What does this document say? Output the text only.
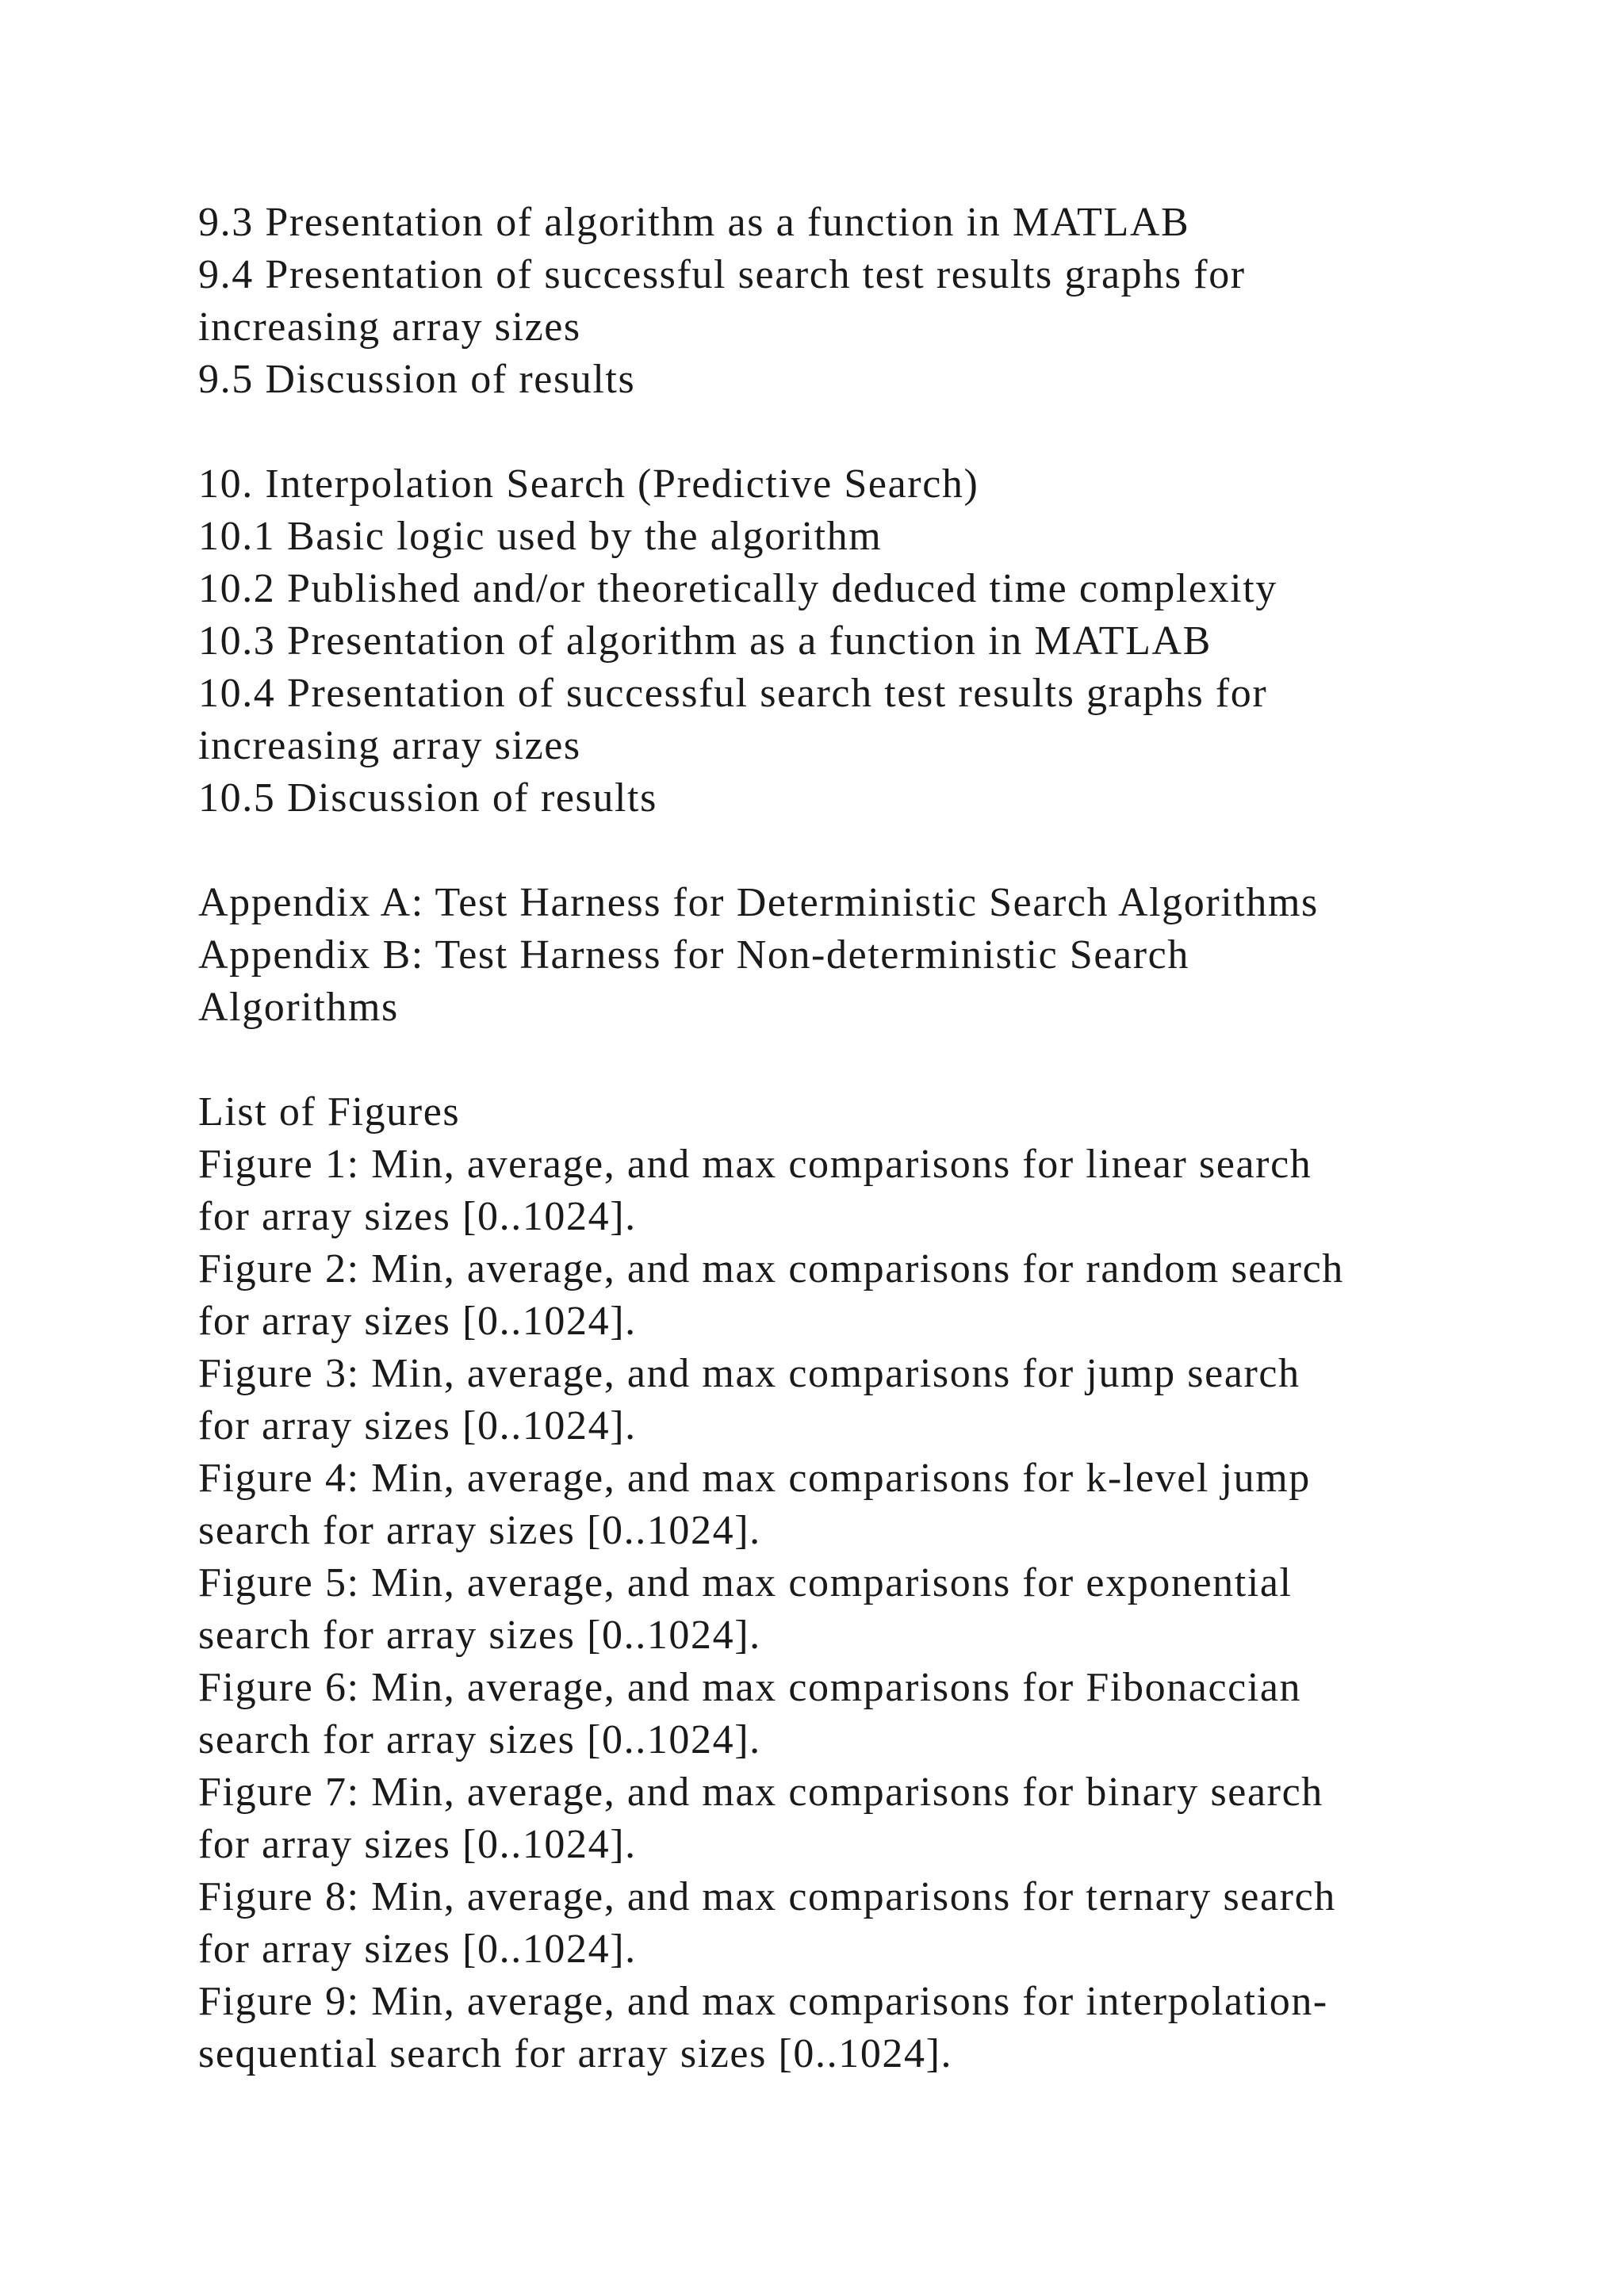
9.3 Presentation of algorithm as a function in MATLAB
9.4 Presentation of successful search test results graphs for
increasing array sizes
9.5 Discussion of results
10. Interpolation Search (Predictive Search)
10.1 Basic logic used by the algorithm
10.2 Published and/or theoretically deduced time complexity
10.3 Presentation of algorithm as a function in MATLAB
10.4 Presentation of successful search test results graphs for
increasing array sizes
10.5 Discussion of results
Appendix A: Test Harness for Deterministic Search Algorithms
Appendix B: Test Harness for Non-deterministic Search
Algorithms
List of Figures
Figure 1: Min, average, and max comparisons for linear search
for array sizes [0..1024].
Figure 2: Min, average, and max comparisons for random search
for array sizes [0..1024].
Figure 3: Min, average, and max comparisons for jump search
for array sizes [0..1024].
Figure 4: Min, average, and max comparisons for k-level jump
search for array sizes [0..1024].
Figure 5: Min, average, and max comparisons for exponential
search for array sizes [0..1024].
Figure 6: Min, average, and max comparisons for Fibonaccian
search for array sizes [0..1024].
Figure 7: Min, average, and max comparisons for binary search
for array sizes [0..1024].
Figure 8: Min, average, and max comparisons for ternary search
for array sizes [0..1024].
Figure 9: Min, average, and max comparisons for interpolation-
sequential search for array sizes [0..1024].
